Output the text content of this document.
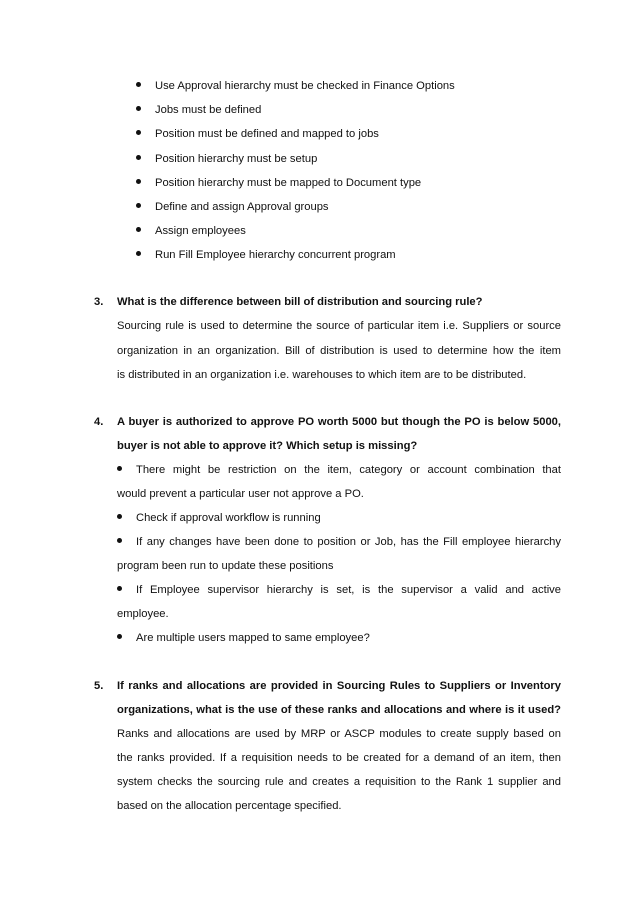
Use Approval hierarchy must be checked in Finance Options
Jobs must be defined
Position must be defined and mapped to jobs
Position hierarchy must be setup
Position hierarchy must be mapped to Document type
Define and assign Approval groups
Assign employees
Run Fill Employee hierarchy concurrent program
3. What is the difference between bill of distribution and sourcing rule?
Sourcing rule is used to determine the source of particular item i.e. Suppliers or source
organization in an organization. Bill of distribution is used to determine how the item
is distributed in an organization i.e. warehouses to which item are to be distributed.
4. A buyer is authorized to approve PO worth 5000 but though the PO is below 5000,
buyer is not able to approve it? Which setup is missing?
There might be restriction on the item, category or account combination that
would prevent a particular user not approve a PO.
Check if approval workflow is running
If any changes have been done to position or Job, has the Fill employee hierarchy
program been run to update these positions
If Employee supervisor hierarchy is set, is the supervisor a valid and active
employee.
Are multiple users mapped to same employee?
5. If ranks and allocations are provided in Sourcing Rules to Suppliers or Inventory
organizations, what is the use of these ranks and allocations and where is it used?
Ranks and allocations are used by MRP or ASCP modules to create supply based on
the ranks provided. If a requisition needs to be created for a demand of an item, then
system checks the sourcing rule and creates a requisition to the Rank 1 supplier and
based on the allocation percentage specified.
